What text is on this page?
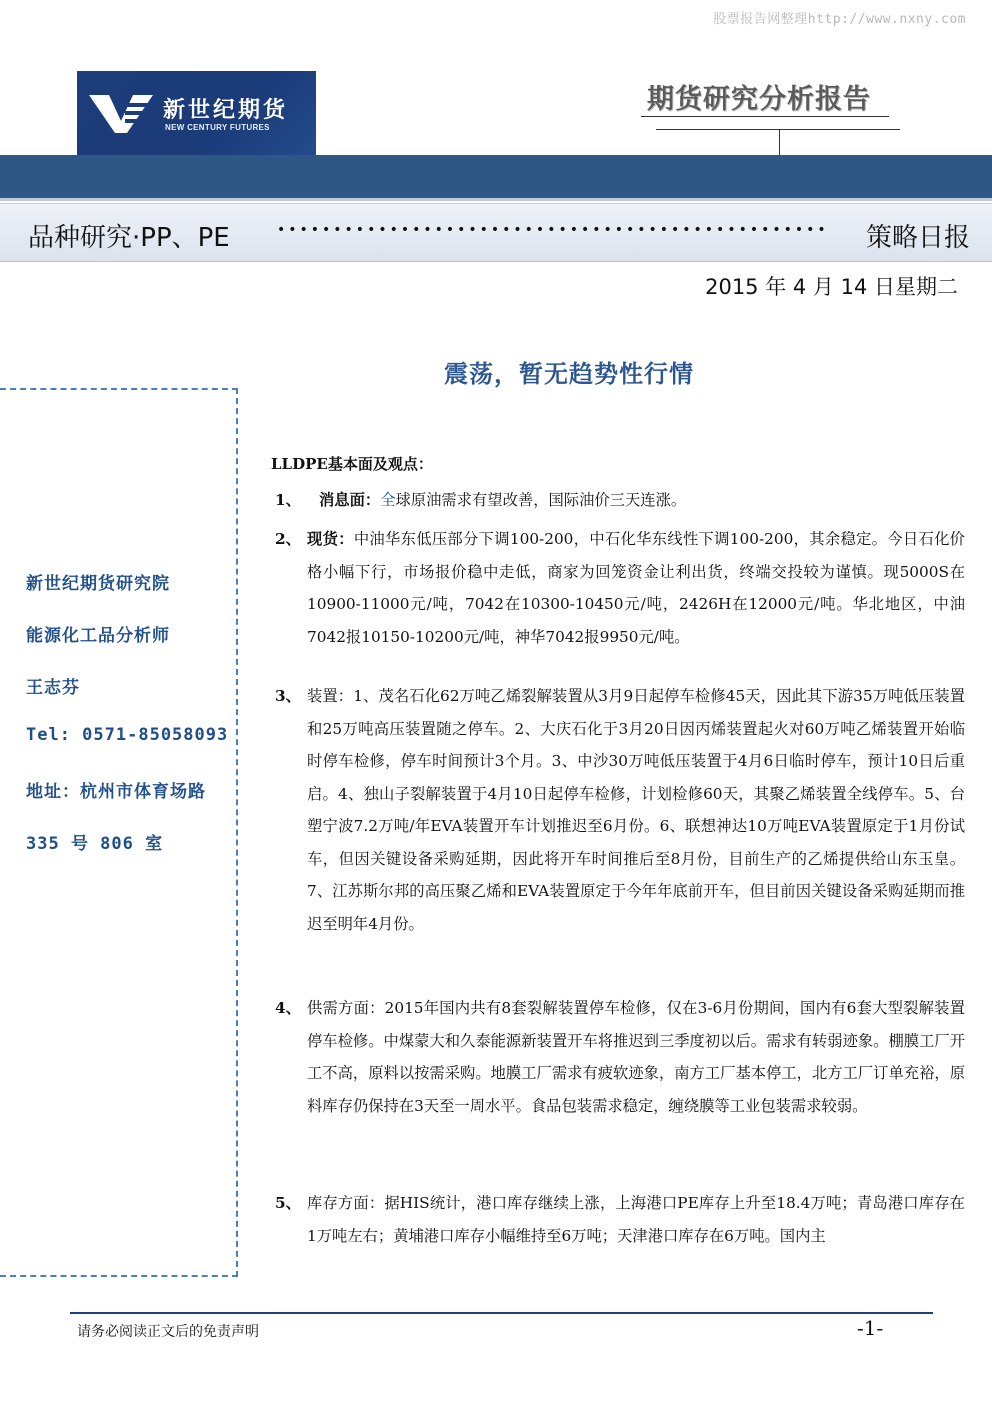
股票报告网整理http://www.nxny.com
新世纪期货
NEW CENTURY FUTURES
期货研究分析报告
品种研究·PP、PE	•••••••••••••••••••••••••••••••••••••••••••••••••	策略日报
2015 年 4 月 14 日星期二
震荡，暂无趋势性行情
新世纪期货研究院
能源化工品分析师
王志芬
Tel: 0571-85058093
地址：杭州市体育场路
335 号 806 室
LLDPE基本面及观点：
1、	消息面：全球原油需求有望改善，国际油价三天连涨。
2、 现货：中油华东低压部分下调100-200，中石化华东线性下调100-200，其余稳定。今日石化价格小幅下行，市场报价稳中走低，商家为回笼资金让利出货，终端交投较为谨慎。现5000S在10900-11000元/吨，7042在10300-10450元/吨，2426H在12000元/吨。华北地区，中油7042报10150-10200元/吨，神华7042报9950元/吨。
3、 装置：1、茂名石化62万吨乙烯裂解装置从3月9日起停车检修45天，因此其下游35万吨低压装置和25万吨高压装置随之停车。2、大庆石化于3月20日因丙烯装置起火对60万吨乙烯装置开始临时停车检修，停车时间预计3个月。3、中沙30万吨低压装置于4月6日临时停车，预计10日后重启。4、独山子裂解装置于4月10日起停车检修，计划检修60天，其聚乙烯装置全线停车。5、台塑宁波7.2万吨/年EVA装置开车计划推迟至6月份。6、联想神达10万吨EVA装置原定于1月份试车，但因关键设备采购延期，因此将开车时间推后至8月份，目前生产的乙烯提供给山东玉皇。7、江苏斯尔邦的高压聚乙烯和EVA装置原定于今年年底前开车，但目前因关键设备采购延期而推迟至明年4月份。
4、 供需方面：2015年国内共有8套裂解装置停车检修，仅在3-6月份期间，国内有6套大型裂解装置停车检修。中煤蒙大和久泰能源新装置开车将推迟到三季度初以后。需求有转弱迹象。棚膜工厂开工不高，原料以按需采购。地膜工厂需求有疲软迹象，南方工厂基本停工，北方工厂订单充裕，原料库存仍保持在3天至一周水平。食品包装需求稳定，缠绕膜等工业包装需求较弱。
5、 库存方面：据HIS统计，港口库存继续上涨，上海港口PE库存上升至18.4万吨；青岛港口库存在1万吨左右；黄埔港口库存小幅维持至6万吨；天津港口库存在6万吨。国内主
请务必阅读正文后的免责声明	-1-
